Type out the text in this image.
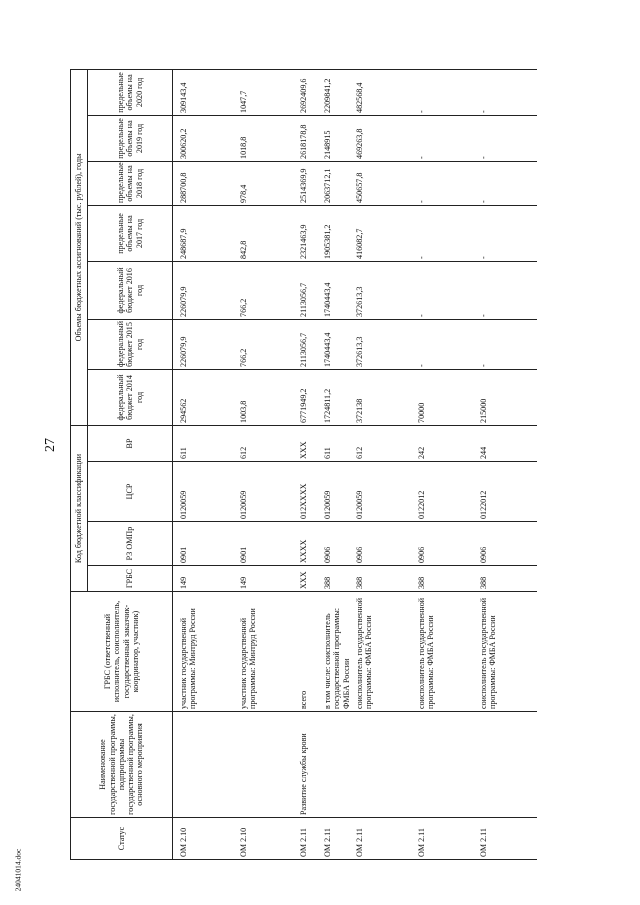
27
24041014.doc
Статус	Наименование государственной программы, подпрограммы государственной программы, основного мероприятия	ГРБС (ответственный исполнитель, соисполнитель, государственный заказчик-координатор, участник)	Код бюджетной классификации				Объемы бюджетных ассигнований (тыс. рублей), годы						
			ГРБС	РЗ ОМПр	ЦСР	ВР	федеральный бюджет 2014 год	федеральный бюджет 2015 год	федеральный бюджет 2016 год	предельные объемы на 2017 год	предельные объемы на 2018 год	предельные объемы на 2019 год	предельные объемы на 2020 год
ОМ 2.10		участник государственной программы: Минтруд России	149	0901	0120059	611	294562	226079,9	226079,9	248687,9	288700,8	300620,2	309143,4
ОМ 2.10		участник государственной программы: Минтруд России	149	0901	0120059	612	1003,8	766,2	766,2	842,8	978,4	1018,8	1047,7
ОМ 2.11	Развитие службы крови	всего	XXX	XXXX	012XXXX	XXX	6771949,2	2113056,7	2113056,7	2321463,9	2514369,9	2618178,8	2692409,6
ОМ 2.11		в том числе: соисполнитель государственной программы: ФМБА России	388	0906	0120059	611	1724811,2	1740443,4	1740443,4	1905381,2	2063712,1	2148915	2209841,2
ОМ 2.11		соисполнитель государственной программы: ФМБА России	388	0906	0120059	612	372138	372613,3	372613,3	416082,7	450657,8	469263,8	482568,4
ОМ 2.11		соисполнитель государственной программы: ФМБА России	388	0906	0122012	242	70000	-	-	-	-	-	-
ОМ 2.11		соисполнитель государственной программы: ФМБА России	388	0906	0122012	244	215000	-	-	-	-	-	-
